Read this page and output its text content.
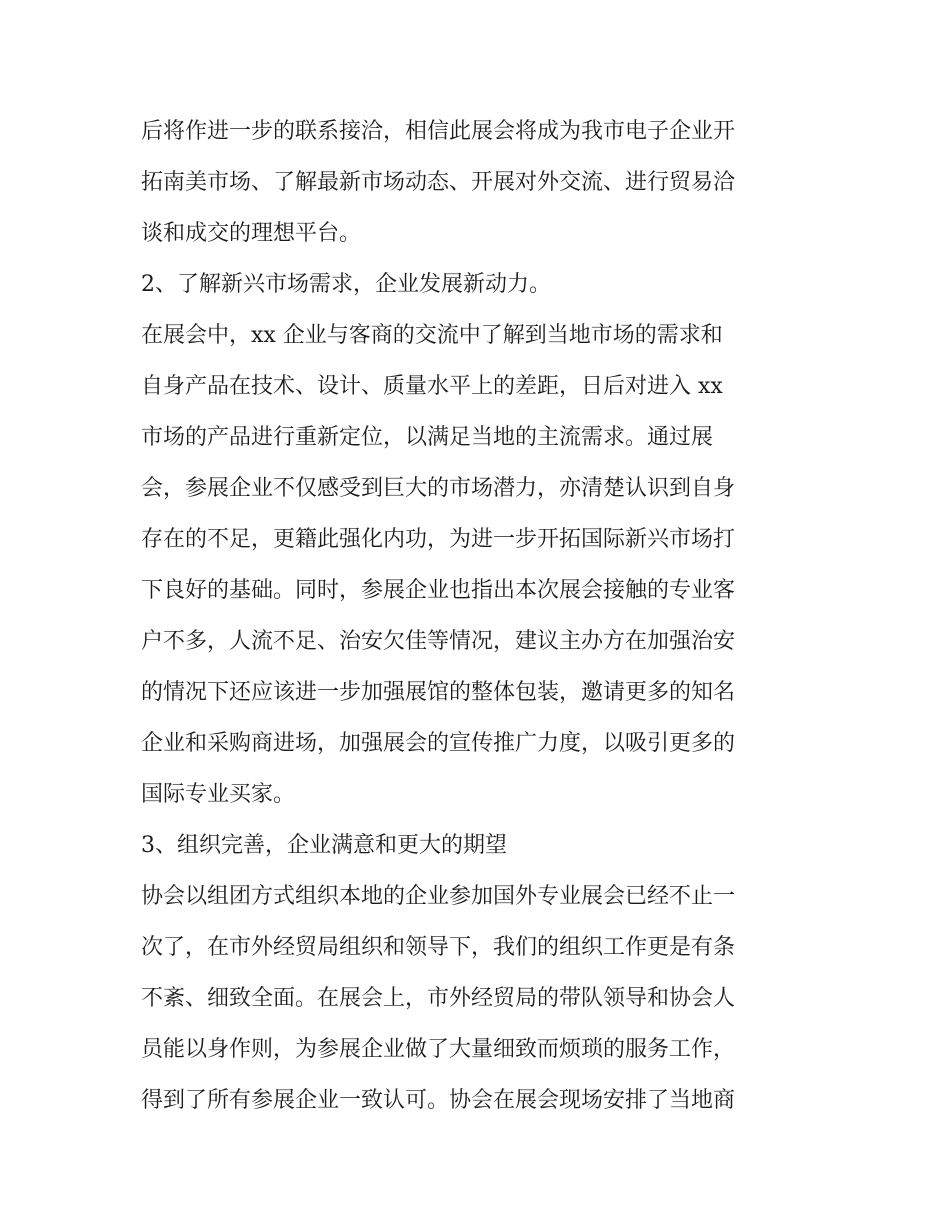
后将作进一步的联系接洽，相信此展会将成为我市电子企业开
拓南美市场、了解最新市场动态、开展对外交流、进行贸易洽
谈和成交的理想平台。
2、了解新兴市场需求，企业发展新动力。
在展会中，xx 企业与客商的交流中了解到当地市场的需求和
自身产品在技术、设计、质量水平上的差距，日后对进入 xx
市场的产品进行重新定位，以满足当地的主流需求。通过展
会，参展企业不仅感受到巨大的市场潜力，亦清楚认识到自身
存在的不足，更籍此强化内功，为进一步开拓国际新兴市场打
下良好的基础。同时，参展企业也指出本次展会接触的专业客
户不多，人流不足、治安欠佳等情况，建议主办方在加强治安
的情况下还应该进一步加强展馆的整体包装，邀请更多的知名
企业和采购商进场，加强展会的宣传推广力度，以吸引更多的
国际专业买家。
3、组织完善，企业满意和更大的期望
协会以组团方式组织本地的企业参加国外专业展会已经不止一
次了，在市外经贸局组织和领导下，我们的组织工作更是有条
不紊、细致全面。在展会上，市外经贸局的带队领导和协会人
员能以身作则，为参展企业做了大量细致而烦琐的服务工作，
得到了所有参展企业一致认可。协会在展会现场安排了当地商
